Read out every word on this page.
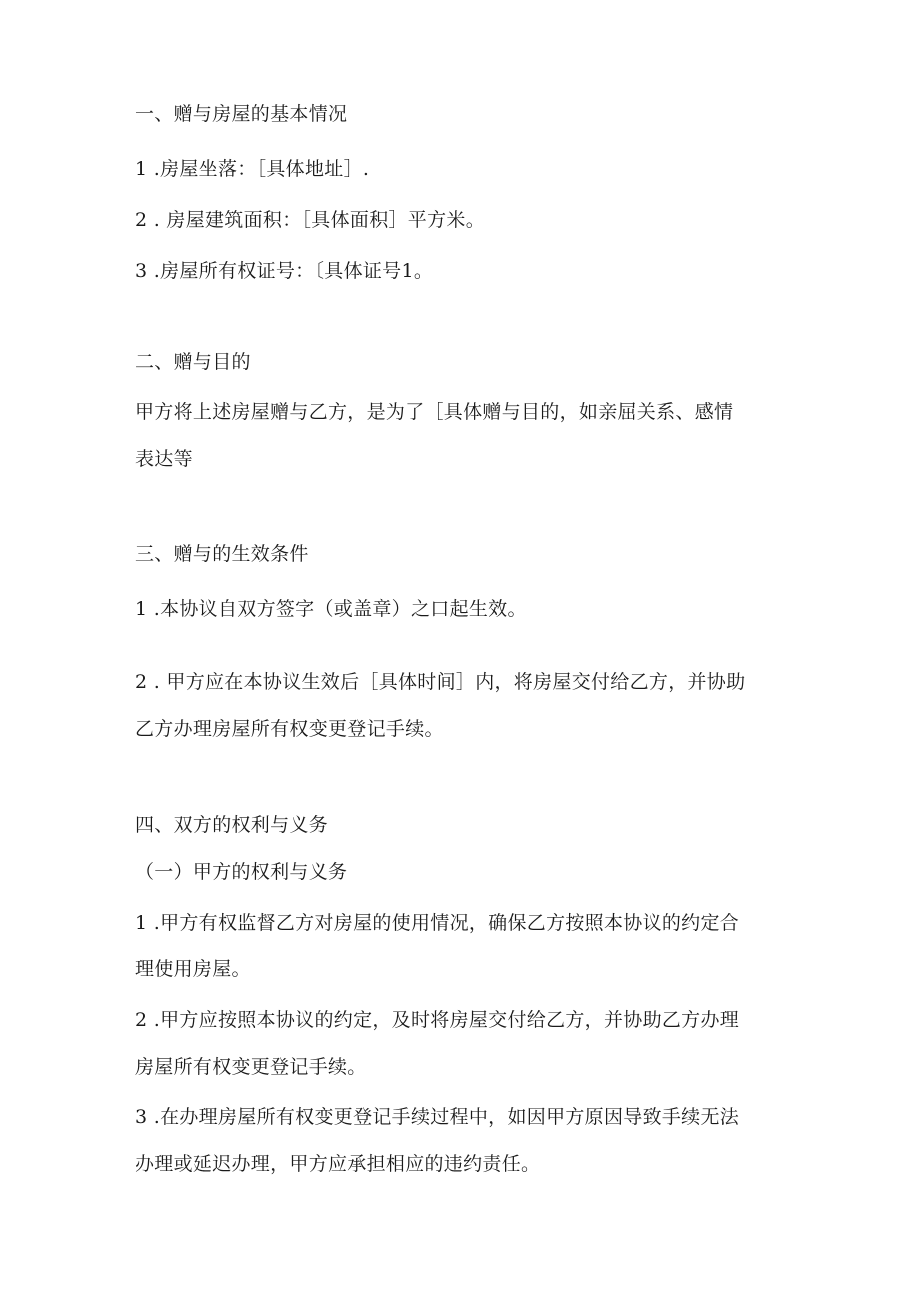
一、赠与房屋的基本情况
1 .房屋坐落：［具体地址］.
2 . 房屋建筑面积：［具体面积］平方米。
3 .房屋所有权证号：〔具体证号1。
二、赠与目的
甲方将上述房屋赠与乙方，是为了［具体赠与目的，如亲屈关系、感情
表达等
三、赠与的生效条件
1 .本协议自双方签字（或盖章）之口起生效。
2 . 甲方应在本协议生效后［具体时间］内，将房屋交付给乙方，并协助
乙方办理房屋所有权变更登记手续。
四、双方的权利与义务
（一）甲方的权利与义务
1 .甲方有权监督乙方对房屋的使用情况，确保乙方按照本协议的约定合
理使用房屋。
2 .甲方应按照本协议的约定，及时将房屋交付给乙方，并协助乙方办理
房屋所有权变更登记手续。
3 .在办理房屋所有权变更登记手续过程中，如因甲方原因导致手续无法
办理或延迟办理，甲方应承担相应的违约责任。
